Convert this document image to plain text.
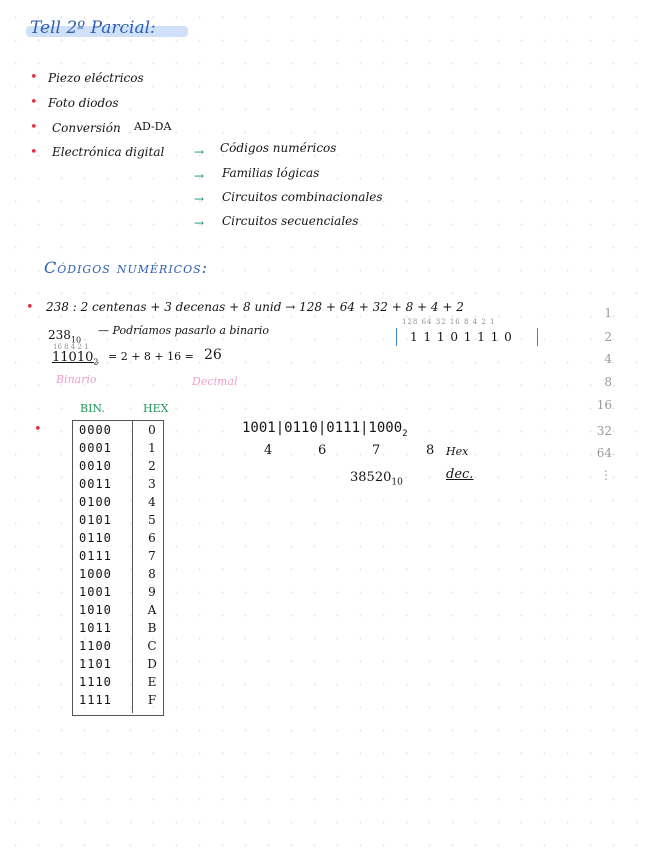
Tell 2º Parcial:
• Piezo eléctricos
• Foto diodos
• Conversión AD-DA
• Electrónica digital → Códigos numéricos
→ Familias lógicas
→ Circuitos combinacionales
→ Circuitos secuenciales
Códigos numéricos:
• 238 : 2 centenas + 3 decenas + 8 unid → 128 + 64 + 32 + 8 + 4 + 2
$238_{10}$
— Podríamos pasarlo a binario
16 8 4 2 1
$11010_2 = 2 + 8 + 16 = 26$
Binario	Decimal
128 64 32 16 8 4 2 1
1 1 1 0 1 1 1 0
1
2
4
8
16
32
64
⋮
BIN.	HEX
•	0000	0
0001	1
0010	2
0011	3
0100	4
0101	5
0110	6
0111	7
1000	8
1001	9
1010	A
1011	B
1100	C
1101	D
1110	E
1111	F
$1001|0110|0111|1000_2$
4	6	7	8 Hex
$38520_{10}$
dec.
